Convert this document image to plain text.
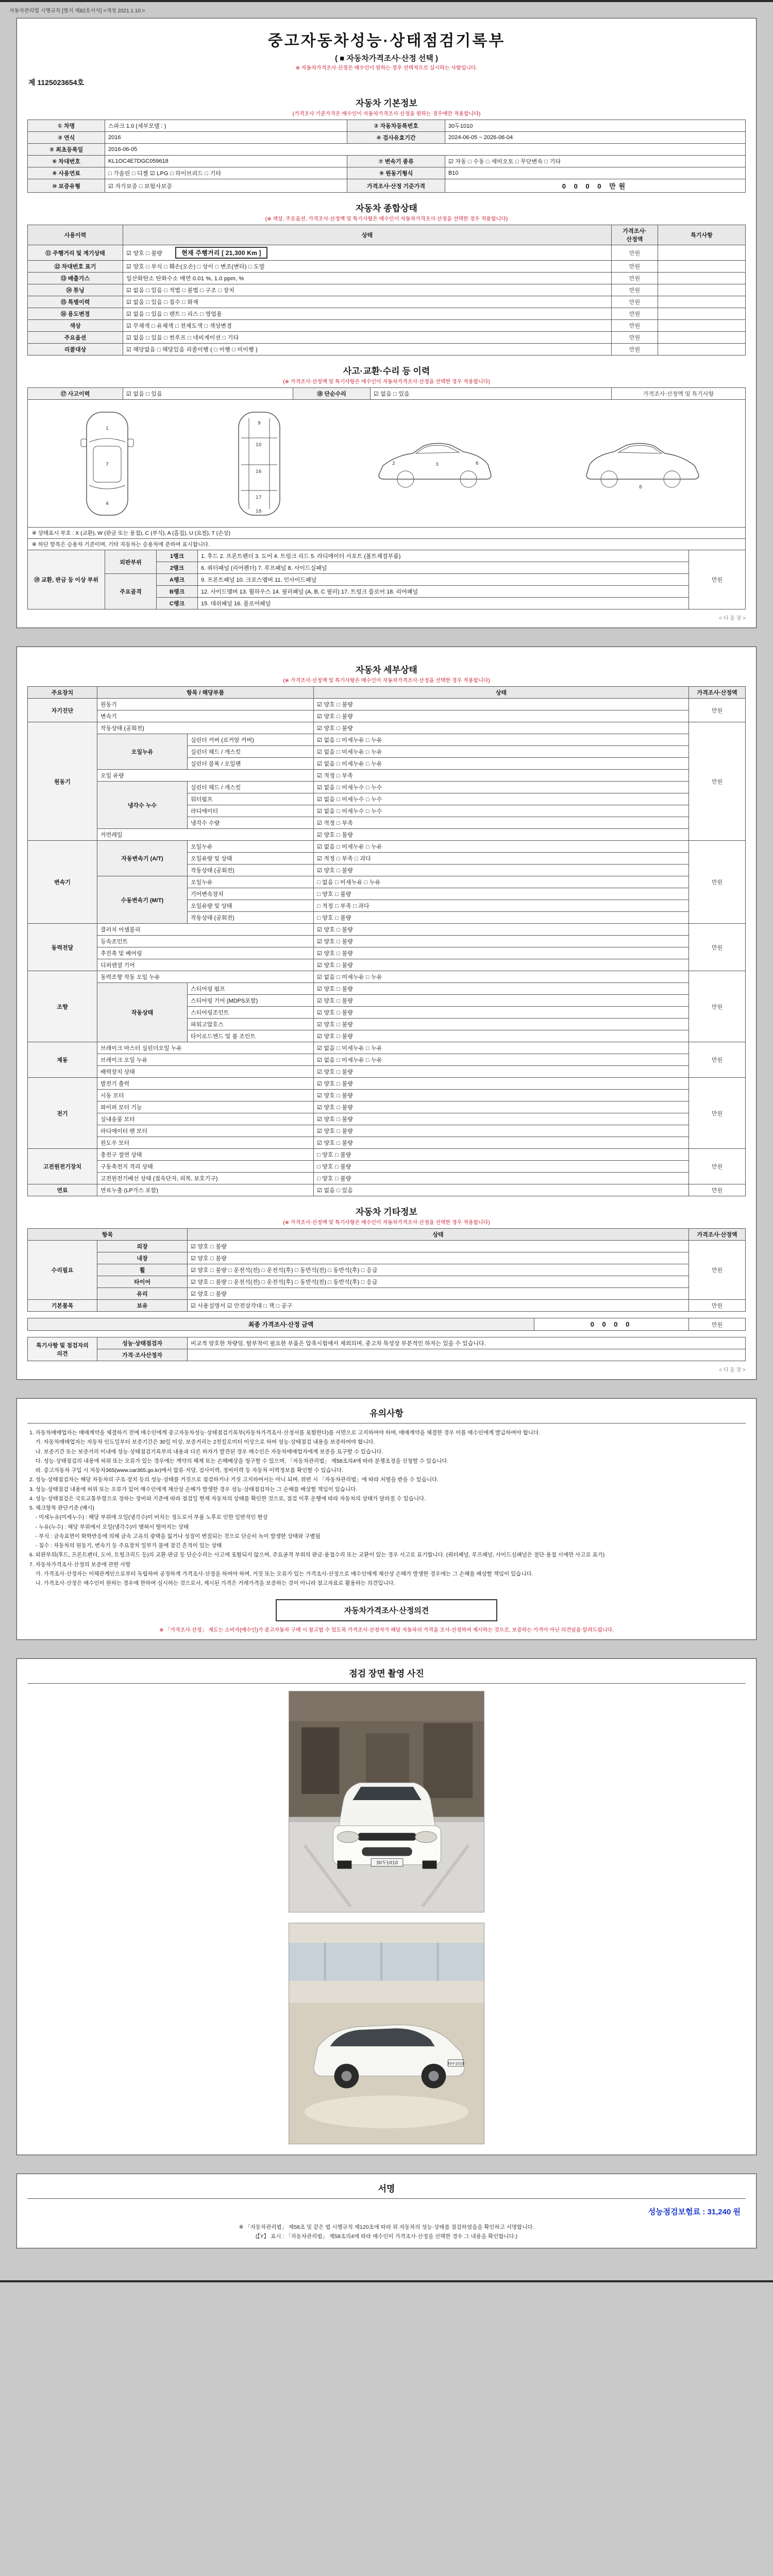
자동차관리법 시행규칙 [별지 제82호서식] <개정 2021.1.10.>
중고자동차성능·상태점검기록부
( ■ 자동차가격조사·산정 선택 )
※ 자동차가격조사·산정은 매수인이 원하는 경우 선택적으로 실시하는 사항입니다.
제 1125023654호
자동차 기본정보
(가격조사 기준가격은 매수인이 자동차가격조사·산정을 원하는 경우에만 적용합니다)
① 차명	스파크 1.0 (세부모델 : )	② 자동차등록번호	30두1010
③ 연식	2016	④ 검사유효기간	2024-06-05 ~ 2026-06-04
⑤ 최초등록일	2016-06-05		
⑥ 차대번호	KL1OC4E7DGC059618	⑦ 변속기 종류	☑ 자동 □ 수동 □ 세미오토 □ 무단변속 □ 기타
⑧ 사용연료	□ 가솔린 □ 디젤 ☑ LPG □ 하이브리드 □ 기타	⑨ 원동기형식	B10
⑩ 보증유형	☑ 자가보증 □ 보험사보증	가격조사·산정 기준가격	0 0 0 0 만원
자동차 종합상태
(※ 색상, 주요옵션, 가격조사·산정액 및 특기사항은 매수인이 자동차가격조사·산정을 선택한 경우 적용합니다)
사용이력	상태	가격조사·산정액	특기사항
⑪ 주행거리 및 계기상태	☑ 양호 □ 불량 현재 주행거리 [ 21,300 Km ]	만원	
⑫ 차대번호 표기	☑ 양호 □ 부식 □ 훼손(오손) □ 상이 □ 변조(변타) □ 도말	만원	
⑬ 배출가스	일산화탄소 탄화수소 매연 0.01 %, 1.0 ppm, %	만원	
⑭ 튜닝	☑ 없음 □ 있음 □ 적법 □ 불법 □ 구조 □ 장치	만원	
⑮ 특별이력	☑ 없음 □ 있음 □ 침수 □ 화재	만원	
⑯ 용도변경	☑ 없음 □ 있음 □ 렌트 □ 리스 □ 영업용	만원	
색상	☑ 무채색 □ 유채색 □ 전체도색 □ 색상변경	만원	
주요옵션	☑ 없음 □ 있음 □ 썬루프 □ 네비게이션 □ 기타	만원	
리콜대상	☑ 해당없음 □ 해당있음 리콜이행 ( □ 이행 □ 미이행 )	만원	
사고·교환·수리 등 이력
(※ 가격조사·산정액 및 특기사항은 매수인이 자동차가격조사·산정을 선택한 경우 적용합니다)
⑰ 사고이력	☑ 없음 □ 있음	⑱ 단순수리	☑ 없음 □ 있음	가격조사·산정액 및 특기사항
1
7
4
9
10
16
17
18
2	3	6
8
※ 상태표시 부호 : X (교환), W (판금 또는 용접), C (부식), A (흠집), U (요철), T (손상)
※ 하단 항목은 승용차 기준이며, 기타 자동차는 승용차에 준하여 표시합니다.
⑲ 교환, 판금 등 이상 부위	외판부위	1랭크	1. 후드 2. 프론트펜더 3. 도어 4. 트렁크 리드 5. 라디에이터 서포트 (볼트체결부품)	만원
		2랭크	6. 쿼터패널 (리어펜더) 7. 루프패널 8. 사이드실패널	
	주요골격	A랭크	9. 프론트패널 10. 크로스멤버 11. 인사이드패널	
		B랭크	12. 사이드멤버 13. 휠하우스 14. 필러패널 (A, B, C 필러) 17. 트렁크 플로어 18. 리어패널	
		C랭크	15. 대쉬패널 16. 플로어패널	
< 다 음 장 >
자동차 세부상태
(※ 가격조사·산정액 및 특기사항은 매수인이 자동차가격조사·산정을 선택한 경우 적용합니다)
주요장치	항목 / 해당부품		상태	가격조사·산정액
자기진단	원동기		☑ 양호 □ 불량	만원
	변속기		☑ 양호 □ 불량	
원동기	작동상태 (공회전)		☑ 양호 □ 불량	만원
	오일누유	실린더 커버 (로커암 커버)	☑ 없음 □ 미세누유 □ 누유	
		실린더 헤드 / 개스킷	☑ 없음 □ 미세누유 □ 누유	
		실린더 블록 / 오일팬	☑ 없음 □ 미세누유 □ 누유	
	오일 유량		☑ 적정 □ 부족	
	냉각수 누수	실린더 헤드 / 개스킷	☑ 없음 □ 미세누수 □ 누수	
		워터펌프	☑ 없음 □ 미세누수 □ 누수	
		라디에이터	☑ 없음 □ 미세누수 □ 누수	
		냉각수 수량	☑ 적정 □ 부족	
	커먼레일		☑ 양호 □ 불량	
변속기	자동변속기 (A/T)	오일누유	☑ 없음 □ 미세누유 □ 누유	만원
		오일유량 및 상태	☑ 적정 □ 부족 □ 과다	
		작동상태 (공회전)	☑ 양호 □ 불량	
	수동변속기 (M/T)	오일누유	□ 없음 □ 미세누유 □ 누유	
		기어변속장치	□ 양호 □ 불량	
		오일유량 및 상태	□ 적정 □ 부족 □ 과다	
		작동상태 (공회전)	□ 양호 □ 불량	
동력전달	클러치 어셈블리		☑ 양호 □ 불량	만원
	등속조인트		☑ 양호 □ 불량	
	추진축 및 베어링		☑ 양호 □ 불량	
	디퍼렌셜 기어		☑ 양호 □ 불량	
조향	동력조향 작동 오일 누유		☑ 없음 □ 미세누유 □ 누유	만원
	작동상태	스티어링 펌프	☑ 양호 □ 불량	
		스티어링 기어 (MDPS포함)	☑ 양호 □ 불량	
		스티어링조인트	☑ 양호 □ 불량	
		파워고압호스	☑ 양호 □ 불량	
		타이로드엔드 및 볼 조인트	☑ 양호 □ 불량	
제동	브레이크 마스터 실린더오일 누유		☑ 없음 □ 미세누유 □ 누유	만원
	브레이크 오일 누유		☑ 없음 □ 미세누유 □ 누유	
	배력장치 상태		☑ 양호 □ 불량	
전기	발전기 출력		☑ 양호 □ 불량	만원
	시동 모터		☑ 양호 □ 불량	
	와이퍼 모터 기능		☑ 양호 □ 불량	
	실내송풍 모터		☑ 양호 □ 불량	
	라디에이터 팬 모터		☑ 양호 □ 불량	
	윈도우 모터		☑ 양호 □ 불량	
고전원전기장치	충전구 절연 상태		□ 양호 □ 불량	만원
	구동축전지 격리 상태		□ 양호 □ 불량	
	고전원전기배선 상태 (접속단자, 피복, 보호기구)		□ 양호 □ 불량	
연료	연료누출 (LP가스 포함)		☑ 없음 □ 있음	만원
자동차 기타정보
(※ 가격조사·산정액 및 특기사항은 매수인이 자동차가격조사·산정을 선택한 경우 적용합니다)
항목		상태	가격조사·산정액
수리필요	외장	☑ 양호 □ 불량	만원
	내장	☑ 양호 □ 불량	
	휠	☑ 양호 □ 불량 □ 운전석(전) □ 운전석(후) □ 동반석(전) □ 동반석(후) □ 응급	
	타이어	☑ 양호 □ 불량 □ 운전석(전) □ 운전석(후) □ 동반석(전) □ 동반석(후) □ 응급	
	유리	☑ 양호 □ 불량	
기본품목	보유	☑ 사용설명서 ☑ 안전삼각대 □ 잭 □ 공구	만원
최종 가격조사·산정 금액	0 0 0 0	만원
특기사항 및 점검자의 의견	성능·상태점검자	비교적 양호한 차량임. 탈부착이 필요한 부품은 압축시험에서 제외되며, 중고차 특성상 부분적인 하자는 있을 수 있습니다.
	가격·조사산정자	
< 다 음 장 >
유의사항
1. 자동차매매업자는 매매계약을 체결하기 전에 매수인에게 중고자동차성능·상태점검기록부(자동차가격조사·산정서를 포함한다)를 서면으로 고지하여야 하며, 매매계약을 체결한 경우 이를 매수인에게 발급하여야 합니다.
가. 자동차매매업자는 자동차 인도일부터 보증기간은 30일 이상, 보증거리는 2천킬로미터 이상으로 하여 성능·상태점검 내용을 보증하여야 합니다.
나. 보증기간 또는 보증거리 이내에 성능·상태점검기록부의 내용과 다른 하자가 발견된 경우 매수인은 자동차매매업자에게 보증을 요구할 수 있습니다.
다. 성능·상태점검의 내용에 허위 또는 오류가 있는 경우에는 계약의 해제 또는 손해배상을 청구할 수 있으며, 「자동차관리법」 제58조의4에 따라 분쟁조정을 신청할 수 있습니다.
라. 중고자동차 구입 시 자동차365(www.car365.go.kr)에서 압류·저당, 검사이력, 정비이력 등 자동차 이력정보를 확인할 수 있습니다.
2. 성능·상태점검자는 해당 자동차의 구조·장치 등의 성능·상태를 거짓으로 점검하거나 거짓 고지하여서는 아니 되며, 위반 시 「자동차관리법」에 따라 처벌을 받을 수 있습니다.
3. 성능·상태점검 내용에 허위 또는 오류가 있어 매수인에게 재산상 손해가 발생한 경우 성능·상태점검자는 그 손해를 배상할 책임이 있습니다.
4. 성능·상태점검은 국토교통부령으로 정하는 장비와 기준에 따라 점검일 현재 자동차의 상태를 확인한 것으로, 점검 이후 운행에 따라 자동차의 상태가 달라질 수 있습니다.
5. 체크항목 판단기준 (예시)
- 미세누유(미세누수) : 해당 부위에 오일(냉각수)이 비치는 정도로서 부품 노후로 인한 일반적인 현상
- 누유(누수) : 해당 부위에서 오일(냉각수)이 맺혀서 떨어지는 상태
- 부식 : 금속표면이 화학반응에 의해 금속 고유의 광택을 잃거나 성질이 변질되는 것으로 단순히 녹이 발생한 상태와 구별됨
- 침수 : 자동차의 원동기, 변속기 등 주요장치 일부가 물에 잠긴 흔적이 있는 상태
6. 외판부위(후드, 프론트펜더, 도어, 트렁크리드 등)의 교환·판금 등 단순수리는 사고에 포함되지 않으며, 주요골격 부위의 판금·용접수리 또는 교환이 있는 경우 사고로 표기합니다. (쿼터패널, 루프패널, 사이드실패널은 절단·용접 시에만 사고로 표기)
7. 자동차가격조사·산정의 보증에 관한 사항
가. 가격조사·산정자는 이해관계인으로부터 독립하여 공정하게 가격조사·산정을 하여야 하며, 거짓 또는 오류가 있는 가격조사·산정으로 매수인에게 재산상 손해가 발생한 경우에는 그 손해를 배상할 책임이 있습니다.
나. 가격조사·산정은 매수인이 원하는 경우에 한하여 실시하는 것으로서, 제시된 가격은 거래가격을 보증하는 것이 아니라 참고자료로 활용하는 의견입니다.
자동차가격조사·산정의견
※ 「가격조사·산정」 제도는 소비자(매수인)가 중고자동차 구매 시 참고할 수 있도록 가격조사·산정자가 해당 자동차의 가격을 조사·산정하여 제시하는 것으로, 보증하는 가격이 아닌 의견임을 알려드립니다.
점검 장면 촬영 사진
30두1010
30두1010
서명
성능점검보험료 : 31,240 원
※ 「자동차관리법」 제58조 및 같은 법 시행규칙 제120조에 따라 위 자동차의 성능·상태를 점검하였음을 확인하고 서명합니다.
(【Y】 표시 : 「자동차관리법」 제58조의4에 따라 매수인이 가격조사·산정을 선택한 경우 그 내용을 확인합니다.)
